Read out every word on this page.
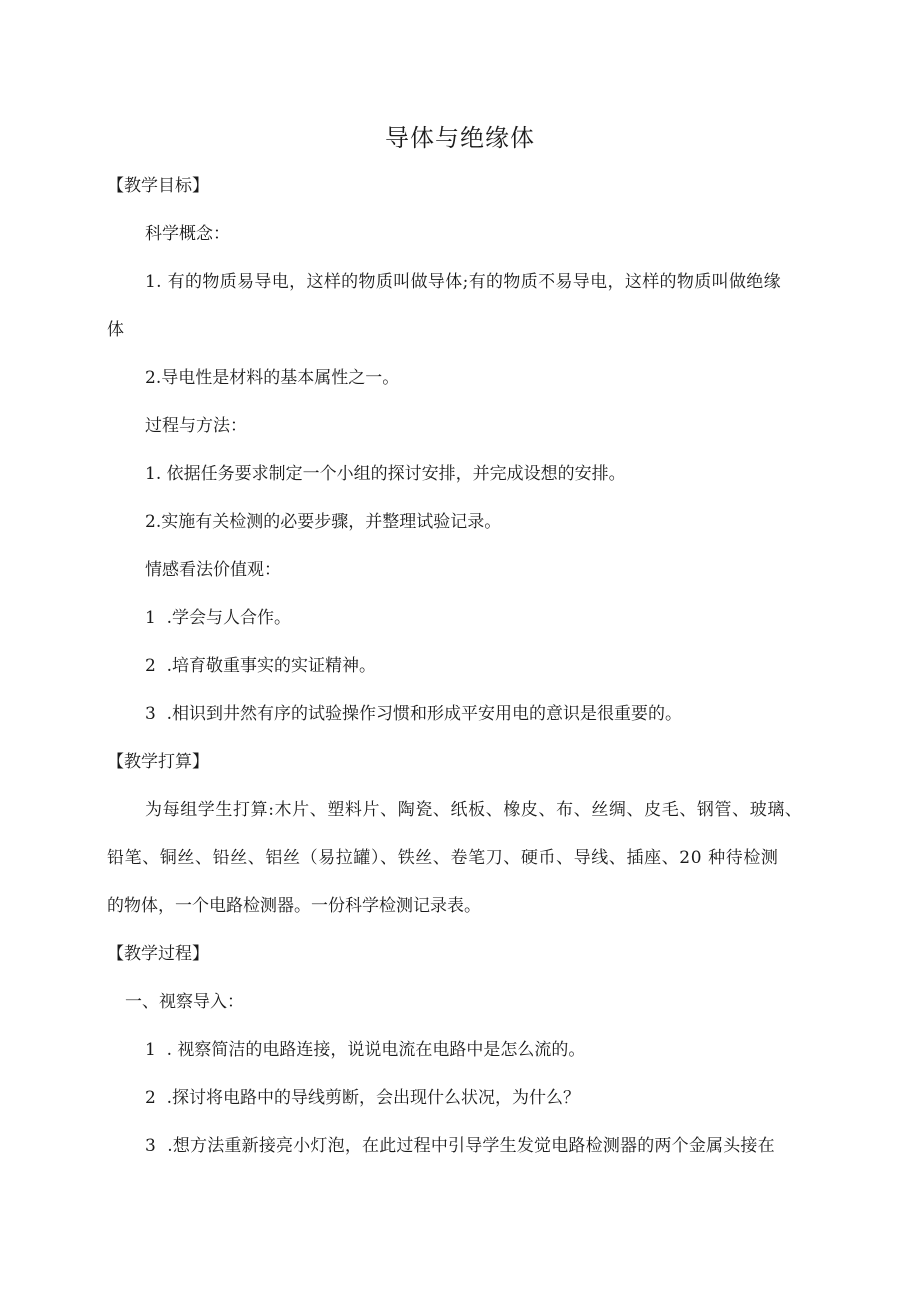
导体与绝缘体
【教学目标】
科学概念：
1. 有的物质易导电，这样的物质叫做导体;有的物质不易导电，这样的物质叫做绝缘
体
2.导电性是材料的基本属性之一。
过程与方法：
1. 依据任务要求制定一个小组的探讨安排，并完成设想的安排。
2.实施有关检测的必要步骤，并整理试验记录。
情感看法价值观：
1  .学会与人合作。
2  .培育敬重事实的实证精神。
3  .相识到井然有序的试验操作习惯和形成平安用电的意识是很重要的。
【教学打算】
为每组学生打算:木片、塑料片、陶瓷、纸板、橡皮、布、丝绸、皮毛、钢管、玻璃、
铅笔、铜丝、铅丝、铝丝（易拉罐）、铁丝、卷笔刀、硬币、导线、插座、20 种待检测
的物体，一个电路检测器。一份科学检测记录表。
【教学过程】
一、视察导入：
1  . 视察简洁的电路连接，说说电流在电路中是怎么流的。
2  .探讨将电路中的导线剪断，会出现什么状况，为什么？
3  .想方法重新接亮小灯泡，在此过程中引导学生发觉电路检测器的两个金属头接在
